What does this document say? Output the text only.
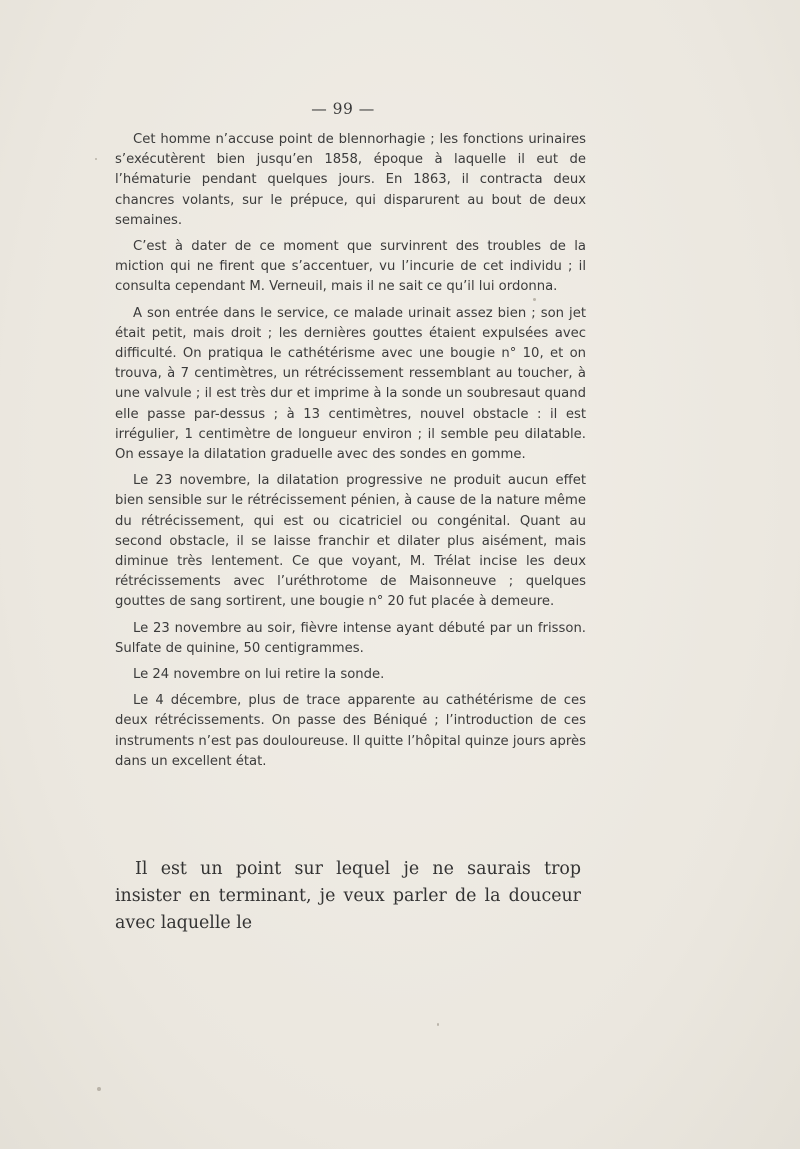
— 99 —

Cet homme n’accuse point de blennorhagie ; les fonctions urinaires s’exécutèrent bien jusqu’en 1858, époque à laquelle il eut de l’hématurie pendant quelques jours. En 1863, il contracta deux chancres volants, sur le prépuce, qui disparurent au bout de deux semaines.

C’est à dater de ce moment que survinrent des troubles de la miction qui ne firent que s’accentuer, vu l’incurie de cet individu ; il consulta cependant M. Verneuil, mais il ne sait ce qu’il lui ordonna.

A son entrée dans le service, ce malade urinait assez bien ; son jet était petit, mais droit ; les dernières gouttes étaient expulsées avec difficulté. On pratiqua le cathétérisme avec une bougie n° 10, et on trouva, à 7 centimètres, un rétrécissement ressemblant au toucher, à une valvule ; il est très dur et imprime à la sonde un soubresaut quand elle passe par-dessus ; à 13 centimètres, nouvel obstacle : il est irrégulier, 1 centimètre de longueur environ ; il semble peu dilatable. On essaye la dilatation graduelle avec des sondes en gomme.

Le 23 novembre, la dilatation progressive ne produit aucun effet bien sensible sur le rétrécissement pénien, à cause de la nature même du rétrécissement, qui est ou cicatriciel ou congénital. Quant au second obstacle, il se laisse franchir et dilater plus aisément, mais diminue très lentement. Ce que voyant, M. Trélat incise les deux rétrécissements avec l’uréthrotome de Maisonneuve ; quelques gouttes de sang sortirent, une bougie n° 20 fut placée à demeure.

Le 23 novembre au soir, fièvre intense ayant débuté par un frisson. Sulfate de quinine, 50 centigrammes.

Le 24 novembre on lui retire la sonde.

Le 4 décembre, plus de trace apparente au cathétérisme de ces deux rétrécissements. On passe des Béniqué ; l’introduction de ces instruments n’est pas douloureuse. Il quitte l’hôpital quinze jours après dans un excellent état.

Il est un point sur lequel je ne saurais trop insister en terminant, je veux parler de la douceur avec laquelle le
